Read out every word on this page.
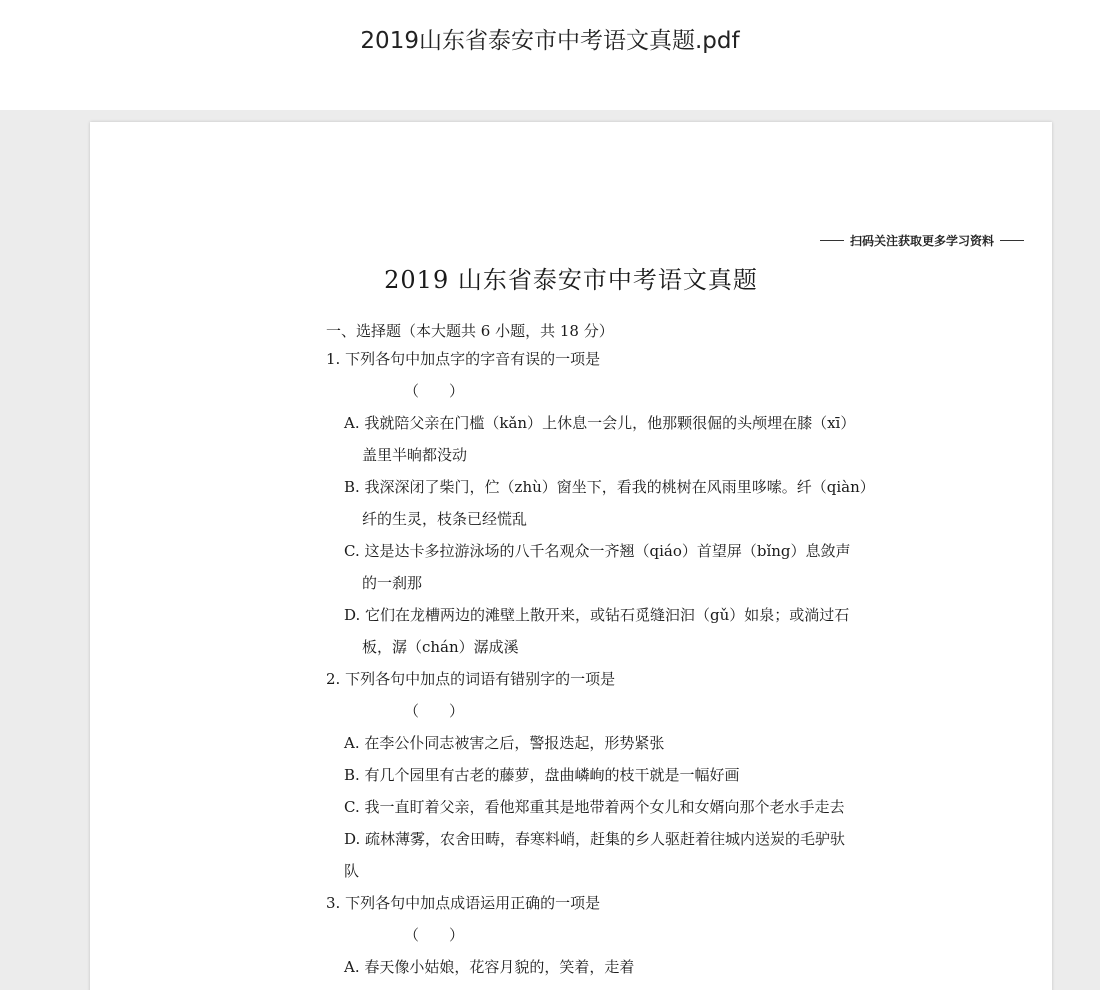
2019山东省泰安市中考语文真题.pdf
扫码关注获取更多学习资料
2019 山东省泰安市中考语文真题
一、选择题（本大题共 6 小题，共 18 分）
1. 下列各句中加点字的字音有误的一项是
（　　）
A. 我就陪父亲在门槛（kǎn）上休息一会儿，他那颗很倔的头颅埋在膝（xī）
盖里半晌都没动
B. 我深深闭了柴门，伫（zhù）窗坐下，看我的桃树在风雨里哆嗦。纤（qiàn）
纤的生灵，枝条已经慌乱
C. 这是达卡多拉游泳场的八千名观众一齐翘（qiáo）首望屏（bǐng）息敛声
的一刹那
D. 它们在龙槽两边的滩壁上散开来，或钻石觅缝汩汩（gǔ）如泉；或淌过石
板，潺（chán）潺成溪
2. 下列各句中加点的词语有错别字的一项是
（　　）
A. 在李公仆同志被害之后，警报迭起，形势紧张
B. 有几个园里有古老的藤萝，盘曲嶙峋的枝干就是一幅好画
C. 我一直盯着父亲，看他郑重其是地带着两个女儿和女婿向那个老水手走去
D. 疏林薄雾，农舍田畴，春寒料峭，赶集的乡人驱赶着往城内送炭的毛驴驮
队
3. 下列各句中加点成语运用正确的一项是
（　　）
A. 春天像小姑娘，花容月貌的，笑着，走着
